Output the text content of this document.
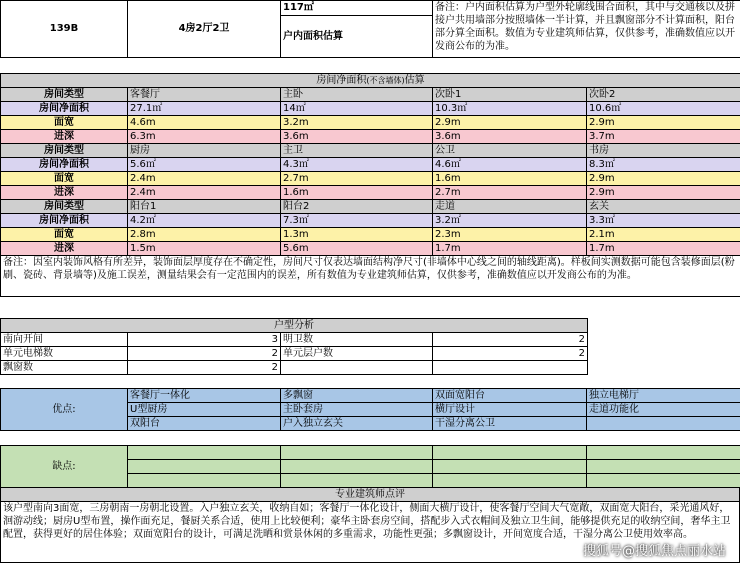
139B	4房2厅2卫	117㎡	备注：户内面积估算为户型外轮廓线围合面积，其中与交通核以及拼接户共用墙部分按照墙体一半计算，并且飘窗部分不计算面积，阳台部分算全面积。数值为专业建筑师估算，仅供参考，准确数值应以开发商公布的为准。
户内面积估算
房间净面积(不含墙体)估算				
房间类型	客餐厅	主卧	次卧1	次卧2
房间净面积	27.1㎡	14㎡	10.3㎡	10.6㎡
面宽	4.6m	3.2m	2.9m	2.9m
进深	6.3m	3.6m	3.6m	3.7m
房间类型	厨房	主卫	公卫	书房
房间净面积	5.6㎡	4.3㎡	4.6㎡	8.3㎡
面宽	2.4m	2.7m	1.6m	2.9m
进深	2.4m	1.6m	2.7m	2.9m
房间类型	阳台1	阳台2	走道	玄关
房间净面积	4.2㎡	7.3㎡	3.2㎡	3.3㎡
面宽	2.8m	1.3m	2.3m	2.1m
进深	1.5m	5.6m	1.7m	1.7m
备注：因室内装饰风格有所差异，装饰面层厚度存在不确定性，房间尺寸仅表达墙面结构净尺寸(非墙体中心线之间的轴线距离)。样板间实测数据可能包含装修面层(粉刷、瓷砖、背景墙等)及施工误差，测量结果会有一定范围内的误差，所有数值为专业建筑师估算，仅供参考，准确数值应以开发商公布的为准。				
户型分析			
南向开间	3	明卫数	2
单元电梯数	2	单元层户数	2
飘窗数	2		
优点:	客餐厅一体化	多飘窗	双面宽阳台	独立电梯厅
	U型厨房	主卧套房	横厅设计	走道功能化
	双阳台	户入独立玄关	干湿分离公卫	
缺点:				

专业建筑师点评
该户型南向3面宽，三房朝南一房朝北设置。入户独立玄关，收纳自如；客餐厅一体化设计，侧面大横厅设计，使客餐厅空间大气宽敞，双面宽大阳台，采光通风好，洄游动线；厨房U型布置，操作面充足，餐厨关系合适，使用上比较便利；豪华主卧套房空间，搭配步入式衣帽间及独立卫生间，能够提供充足的收纳空间，奢华主卫配置，获得更好的居住体验；双面宽阳台的设计，可满足洗晒和赏景休闲的多重需求，功能性更强；多飘窗设计，开间宽度合适，干湿分离公卫使用效率高。
搜狐号@搜狐焦点丽水站
